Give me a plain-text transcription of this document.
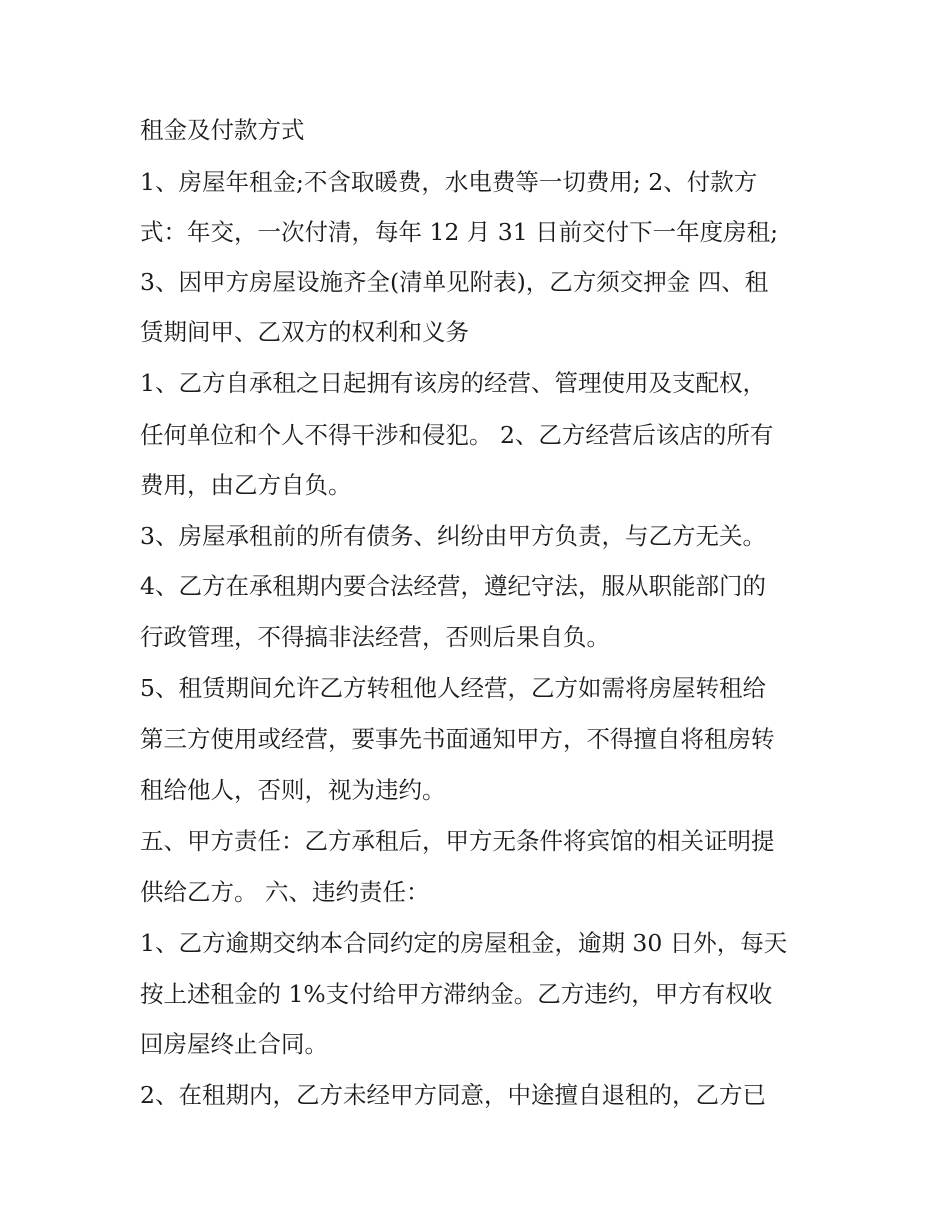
租金及付款方式
1、房屋年租金;不含取暖费，水电费等一切费用; 2、付款方
式：年交，一次付清，每年 12 月 31 日前交付下一年度房租;
3、因甲方房屋设施齐全(清单见附表)，乙方须交押金 四、租
赁期间甲、乙双方的权利和义务
1、乙方自承租之日起拥有该房的经营、管理使用及支配权，
任何单位和个人不得干涉和侵犯。 2、乙方经营后该店的所有
费用，由乙方自负。
3、房屋承租前的所有债务、纠纷由甲方负责，与乙方无关。
4、乙方在承租期内要合法经营，遵纪守法，服从职能部门的
行政管理，不得搞非法经营，否则后果自负。
5、租赁期间允许乙方转租他人经营，乙方如需将房屋转租给
第三方使用或经营，要事先书面通知甲方，不得擅自将租房转
租给他人，否则，视为违约。
五、甲方责任：乙方承租后，甲方无条件将宾馆的相关证明提
供给乙方。 六、违约责任：
1、乙方逾期交纳本合同约定的房屋租金，逾期 30 日外，每天
按上述租金的 1%支付给甲方滞纳金。乙方违约，甲方有权收
回房屋终止合同。
2、在租期内，乙方未经甲方同意，中途擅自退租的，乙方已
